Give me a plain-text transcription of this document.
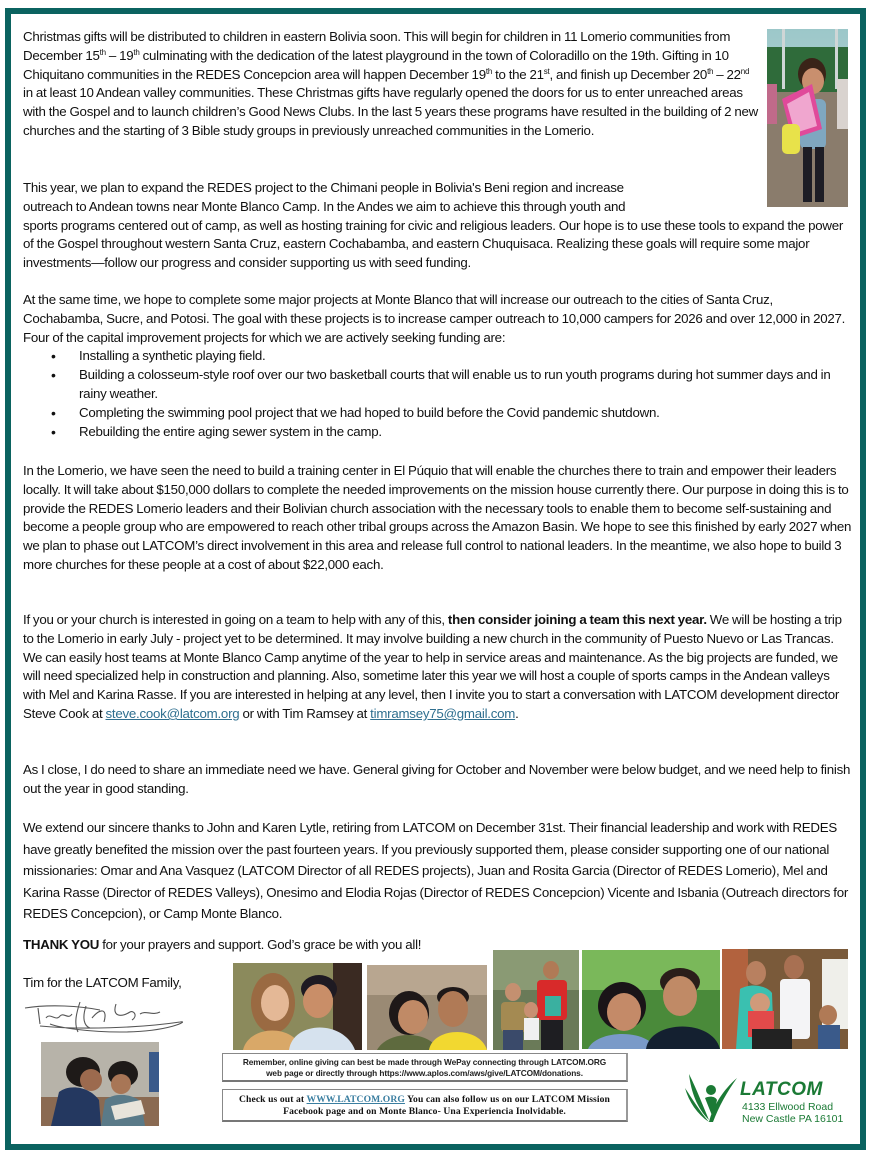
Christmas gifts will be distributed to children in eastern Bolivia soon. This will begin for children in 11 Lomerio communities from December 15th – 19th culminating with the dedication of the latest playground in the town of Coloradillo on the 19th. Gifting in 10 Chiquitano communities in the REDES Concepcion area will happen December 19th to the 21st, and finish up December 20th – 22nd in at least 10 Andean valley communities. These Christmas gifts have regularly opened the doors for us to enter unreached areas with the Gospel and to launch children’s Good News Clubs. In the last 5 years these programs have resulted in the building of 2 new churches and the starting of 3 Bible study groups in previously unreached communities in the Lomerio.

This year, we plan to expand the REDES project to the Chimani people in Bolivia's Beni region and increase
outreach to Andean towns near Monte Blanco Camp. In the Andes we aim to achieve this through youth and
sports programs centered out of camp, as well as hosting training for civic and religious leaders. Our hope is to use these tools to expand the power of the Gospel throughout western Santa Cruz, eastern Cochabamba, and eastern Chuquisaca. Realizing these goals will require some major investments—follow our progress and consider supporting us with seed funding.

At the same time, we hope to complete some major projects at Monte Blanco that will increase our outreach to the cities of Santa Cruz, Cochabamba, Sucre, and Potosi. The goal with these projects is to increase camper outreach to 10,000 campers for 2026 and over 12,000 in 2027. Four of the capital improvement projects for which we are actively seeking funding are:

• Installing a synthetic playing field.
• Building a colosseum-style roof over our two basketball courts that will enable us to run youth programs during hot summer days and in rainy weather.
• Completing the swimming pool project that we had hoped to build before the Covid pandemic shutdown.
• Rebuilding the entire aging sewer system in the camp.

In the Lomerio, we have seen the need to build a training center in El Púquio that will enable the churches there to train and empower their leaders locally. It will take about $150,000 dollars to complete the needed improvements on the mission house currently there. Our purpose in doing this is to provide the REDES Lomerio leaders and their Bolivian church association with the necessary tools to enable them to become self-sustaining and become a people group who are empowered to reach other tribal groups across the Amazon Basin. We hope to see this finished by early 2027 when we plan to phase out LATCOM’s direct involvement in this area and release full control to national leaders. In the meantime, we also hope to build 3 more churches for these people at a cost of about $22,000 each.

If you or your church is interested in going on a team to help with any of this, then consider joining a team this next year. We will be hosting a trip to the Lomerio in early July - project yet to be determined. It may involve building a new church in the community of Puesto Nuevo or Las Trancas. We can easily host teams at Monte Blanco Camp anytime of the year to help in service areas and maintenance. As the big projects are funded, we will need specialized help in construction and planning. Also, sometime later this year we will host a couple of sports camps in the Andean valleys with Mel and Karina Rasse. If you are interested in helping at any level, then I invite you to start a conversation with LATCOM development director Steve Cook at steve.cook@latcom.org or with Tim Ramsey at timramsey75@gmail.com.

As I close, I do need to share an immediate need we have. General giving for October and November were below budget, and we need help to finish out the year in good standing.

We extend our sincere thanks to John and Karen Lytle, retiring from LATCOM on December 31st. Their financial leadership and work with REDES have greatly benefited the mission over the past fourteen years. If you previously supported them, please consider supporting one of our national missionaries: Omar and Ana Vasquez (LATCOM Director of all REDES projects), Juan and Rosita Garcia (Director of REDES Lomerio), Mel and Karina Rasse (Director of REDES Valleys), Onesimo and Elodia Rojas (Director of REDES Concepcion) Vicente and Isbania (Outreach directors for REDES Concepcion), or Camp Monte Blanco.

THANK YOU for your prayers and support. God’s grace be with you all!

Tim for the LATCOM Family,

Remember, online giving can best be made through WePay connecting through LATCOM.ORG
web page or directly through https://www.aplos.com/aws/give/LATCOM/donations.
Check us out at WWW.LATCOM.ORG You can also follow us on our LATCOM Mission
Facebook page and on Monte Blanco- Una Experiencia Inolvidable.
LATCOM
4133 Ellwood Road
New Castle PA 16101
